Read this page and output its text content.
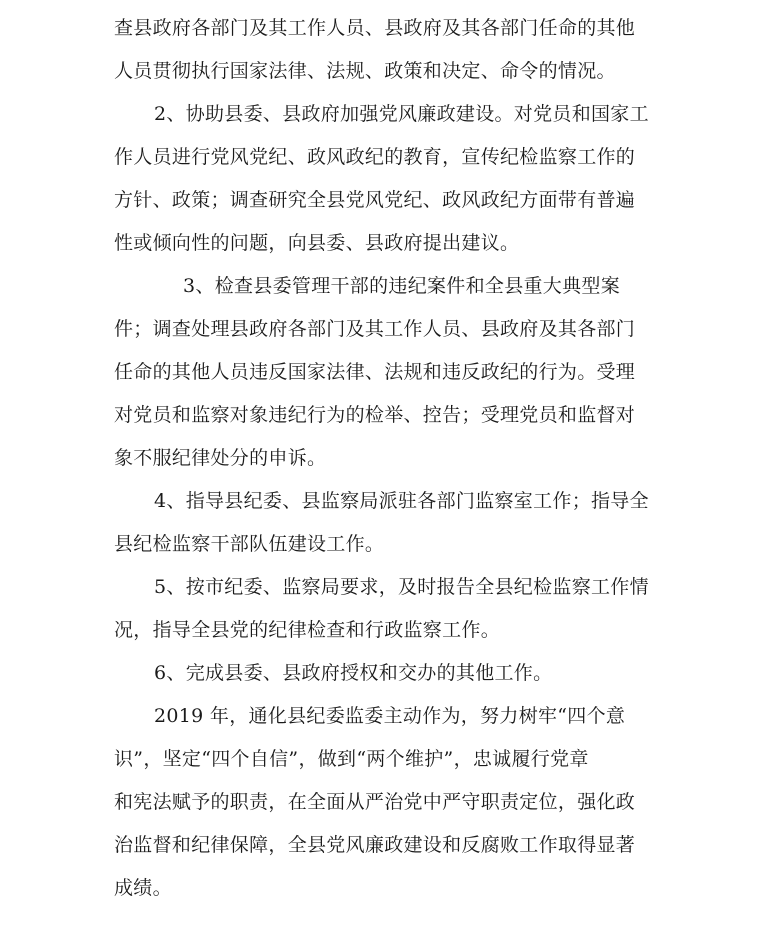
查县政府各部门及其工作人员、县政府及其各部门任命的其他
人员贯彻执行国家法律、法规、政策和决定、命令的情况。
2、协助县委、县政府加强党风廉政建设。对党员和国家工
作人员进行党风党纪、政风政纪的教育，宣传纪检监察工作的
方针、政策；调查研究全县党风党纪、政风政纪方面带有普遍
性或倾向性的问题，向县委、县政府提出建议。
3、检查县委管理干部的违纪案件和全县重大典型案
件；调查处理县政府各部门及其工作人员、县政府及其各部门
任命的其他人员违反国家法律、法规和违反政纪的行为。受理
对党员和监察对象违纪行为的检举、控告；受理党员和监督对
象不服纪律处分的申诉。
4、指导县纪委、县监察局派驻各部门监察室工作；指导全
县纪检监察干部队伍建设工作。
5、按市纪委、监察局要求，及时报告全县纪检监察工作情
况，指导全县党的纪律检查和行政监察工作。
6、完成县委、县政府授权和交办的其他工作。
2019 年，通化县纪委监委主动作为，努力树牢“四个意
识”，坚定“四个自信”，做到“两个维护”，忠诚履行党章
和宪法赋予的职责，在全面从严治党中严守职责定位，强化政
治监督和纪律保障，全县党风廉政建设和反腐败工作取得显著
成绩。
